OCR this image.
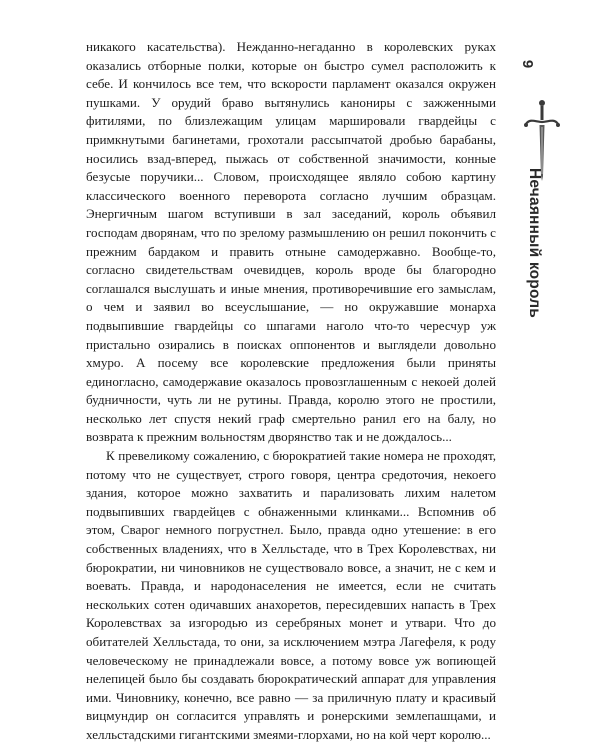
никакого касательства). Нежданно-негаданно в королевских руках оказались отборные полки, которые он быстро сумел расположить к себе. И кончилось все тем, что вскорости парламент оказался окружен пушками. У орудий браво вытянулись канониры с зажженными фитилями, по близлежащим улицам маршировали гвардейцы с примкнутыми багинетами, грохотали рассыпчатой дробью барабаны, носились взад-вперед, пыжась от собственной значимости, конные безусые поручики... Словом, происходящее являло собою картину классического военного переворота согласно лучшим образцам. Энергичным шагом вступивши в зал заседаний, король объявил господам дворянам, что по зрелому размышлению он решил покончить с прежним бардаком и править отныне самодержавно. Вообще-то, согласно свидетельствам очевидцев, король вроде бы благородно соглашался выслушать и иные мнения, противоречившие его замыслам, о чем и заявил во всеуслышание, — но окружавшие монарха подвыпившие гвардейцы со шпагами наголо что-то чересчур уж пристально озирались в поисках оппонентов и выглядели довольно хмуро. А посему все королевские предложения были приняты единогласно, самодержавие оказалось провозглашенным с некоей долей будничности, чуть ли не рутины. Правда, королю этого не простили, несколько лет спустя некий граф смертельно ранил его на балу, но возврата к прежним вольностям дворянство так и не дождалось...

К превеликому сожалению, с бюрократией такие номера не проходят, потому что не существует, строго говоря, центра средоточия, некоего здания, которое можно захватить и парализовать лихим налетом подвыпивших гвардейцев с обнаженными клинками... Вспомнив об этом, Сварог немного погрустнел. Было, правда одно утешение: в его собственных владениях, что в Хелльстаде, что в Трех Королевствах, ни бюрократии, ни чиновников не существовало вовсе, а значит, не с кем и воевать. Правда, и народонаселения не имеется, если не считать нескольких сотен одичавших анахоретов, пересидевших напасть в Трех Королевствах за изгородью из серебряных монет и утвари. Что до обитателей Хелльстада, то они, за исключением мэтра Лагефеля, к роду человеческому не принадлежали вовсе, а потому вовсе уж вопиющей нелепицей было бы создавать бюрократический аппарат для управления ими. Чиновнику, конечно, все равно — за приличную плату и красивый вицмундир он согласится управлять и ронерскими землепашцами, и хелльстадскими гигантскими змеями-глорхами, но на кой черт королю...

9
Нечаянный король
